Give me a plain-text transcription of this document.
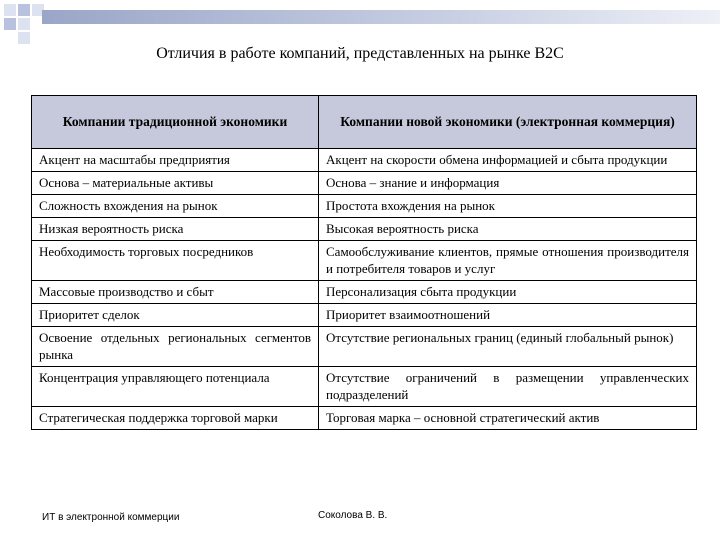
Отличия в работе компаний, представленных на рынке В2С
Компании традиционной экономики	Компании новой экономики (электронная коммерция)
Акцент на масштабы предприятия	Акцент на скорости обмена информацией и сбыта продукции
Основа – материальные активы	Основа – знание и информация
Сложность вхождения на рынок	Простота вхождения на рынок
Низкая вероятность риска	Высокая вероятность риска
Необходимость торговых посредников	Самообслуживание клиентов, прямые отношения производителя и потребителя товаров и услуг
Массовые производство и сбыт	Персонализация сбыта продукции
Приоритет сделок	Приоритет взаимоотношений
Освоение отдельных региональных сегментов рынка	Отсутствие региональных границ (единый глобальный рынок)
Концентрация управляющего потенциала	Отсутствие ограничений в размещении управленческих подразделений
Стратегическая поддержка торговой марки	Торговая марка – основной стратегический актив
ИТ в электронной коммерции	Соколова В. В.
